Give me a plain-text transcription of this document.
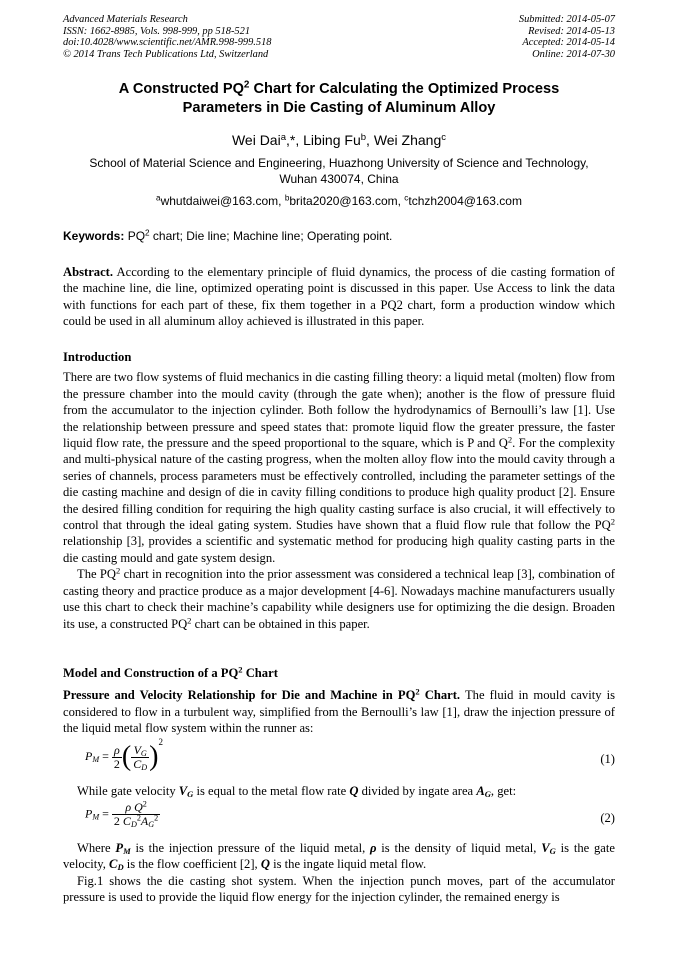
Advanced Materials Research
ISSN: 1662-8985, Vols. 998-999, pp 518-521
doi:10.4028/www.scientific.net/AMR.998-999.518
© 2014 Trans Tech Publications Ltd, Switzerland
Submitted: 2014-05-07
Revised: 2014-05-13
Accepted: 2014-05-14
Online: 2014-07-30
A Constructed $PQ^2$ Chart for Calculating the Optimized Process
Parameters in Die Casting of Aluminum Alloy
Wei Dai$^a$,*, Libing Fu$^b$, Wei Zhang$^c$
School of Material Science and Engineering, Huazhong University of Science and Technology,
Wuhan 430074, China
$^a$whutdaiwei@163.com, $^b$brita2020@163.com, $^c$tchzh2004@163.com
Keywords: $PQ^2$ chart; Die line; Machine line; Operating point.

Abstract. According to the elementary principle of fluid dynamics, the process of die casting formation of the machine line, die line, optimized operating point is discussed in this paper. Use Access to link the data with functions for each part of these, fix them together in a PQ2 chart, form a production window which could be used in all aluminum alloy achieved is illustrated in this paper.

Introduction

There are two flow systems of fluid mechanics in die casting filling theory: a liquid metal (molten) flow from the pressure chamber into the mould cavity (through the gate when); another is the flow of pressure fluid from the accumulator to the injection cylinder. Both follow the hydrodynamics of Bernoulli’s law [1]. Use the relationship between pressure and speed states that: promote liquid flow the greater pressure, the faster liquid flow rate, the pressure and the speed proportional to the square, which is P and $Q^2$. For the complexity and multi-physical nature of the casting progress, when the molten alloy flow into the mould cavity through a series of channels, process parameters must be effectively controlled, including the parameter settings of the die casting machine and design of die in cavity filling conditions to produce high quality product [2]. Ensure the desired filling condition for requiring the high quality casting surface is also crucial, it will effectively to control that through the ideal gating system. Studies have shown that a fluid flow rule that follow the $PQ^2$ relationship [3], provides a scientific and systematic method for producing high quality casting parts in the die casting mould and gate system design.

The $PQ^2$ chart in recognition into the prior assessment was considered a technical leap [3], combination of casting theory and practice produce as a major development [4-6]. Nowadays machine manufacturers usually use this chart to check their machine’s capability while designers use for optimizing the die design. Broaden its use, a constructed $PQ^2$ chart can be obtained in this paper.

Model and Construction of a $PQ^2$ Chart

Pressure and Velocity Relationship for Die and Machine in $PQ^2$ Chart. The fluid in mould cavity is considered to flow in a turbulent way, simplified from the Bernoulli’s law [1], draw the injection pressure of the liquid metal flow system within the runner as:

$P_M = \frac{\rho}{2}$ ( $\frac{V_G}{C_D} )^2$
(1)

While gate velocity $V_G$ is equal to the metal flow rate Q divided by ingate area $A_G$, get:

$P_M = \frac{\rho Q^2}{2 C_D^2A_G^2}$	(2)

Where $P_M$ is the injection pressure of the liquid metal, ρ is the density of liquid metal, $V_G$ is the gate velocity, $C_D$ is the flow coefficient [2], Q is the ingate liquid metal flow.

Fig.1 shows the die casting shot system. When the injection punch moves, part of the accumulator pressure is used to provide the liquid flow energy for the injection cylinder, the remained energy is
